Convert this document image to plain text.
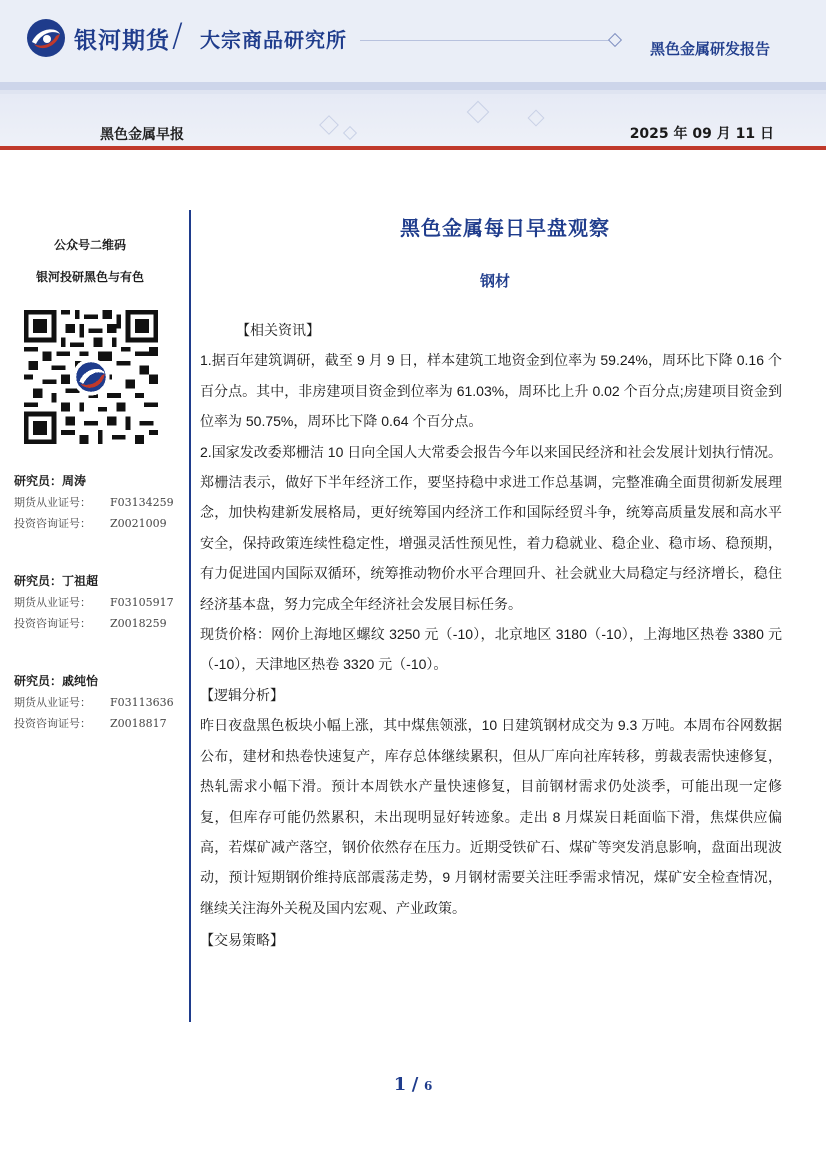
银河期货 / 大宗商品研究所	黑色金属研发报告
黑色金属早报	2025 年 09 月 11 日
公众号二维码
银河投研黑色与有色
研究员：周涛
期货从业证号： F03134259
投资咨询证号： Z0021009
研究员：丁祖超
期货从业证号： F03105917
投资咨询证号： Z0018259
研究员：戚纯怡
期货从业证号： F03113636
投资咨询证号： Z0018817
黑色金属每日早盘观察
钢材

【相关资讯】

1.据百年建筑调研，截至 9 月 9 日，样本建筑工地资金到位率为 59.24%，周环比下降 0.16 个百分点。其中，非房建项目资金到位率为 61.03%，周环比上升 0.02 个百分点;房建项目资金到位率为 50.75%，周环比下降 0.64 个百分点。

2.国家发改委郑栅洁 10 日向全国人大常委会报告今年以来国民经济和社会发展计划执行情况。郑栅洁表示，做好下半年经济工作，要坚持稳中求进工作总基调，完整准确全面贯彻新发展理念，加快构建新发展格局，更好统筹国内经济工作和国际经贸斗争，统筹高质量发展和高水平安全，保持政策连续性稳定性，增强灵活性预见性，着力稳就业、稳企业、稳市场、稳预期，有力促进国内国际双循环，统筹推动物价水平合理回升、社会就业大局稳定与经济增长，稳住经济基本盘，努力完成全年经济社会发展目标任务。

现货价格：网价上海地区螺纹 3250 元（-10），北京地区 3180（-10），上海地区热卷 3380 元（-10），天津地区热卷 3320 元（-10）。

【逻辑分析】

昨日夜盘黑色板块小幅上涨，其中煤焦领涨，10 日建筑钢材成交为 9.3 万吨。本周布谷网数据公布，建材和热卷快速复产，库存总体继续累积，但从厂库向社库转移，剪裁表需快速修复，热轧需求小幅下滑。预计本周铁水产量快速修复，目前钢材需求仍处淡季，可能出现一定修复，但库存可能仍然累积，未出现明显好转迹象。走出 8 月煤炭日耗面临下滑，焦煤供应偏高，若煤矿减产落空，钢价依然存在压力。近期受铁矿石、煤矿等突发消息影响，盘面出现波动，预计短期钢价维持底部震荡走势，9 月钢材需要关注旺季需求情况，煤矿安全检查情况，继续关注海外关税及国内宏观、产业政策。

【交易策略】

1 / 6
